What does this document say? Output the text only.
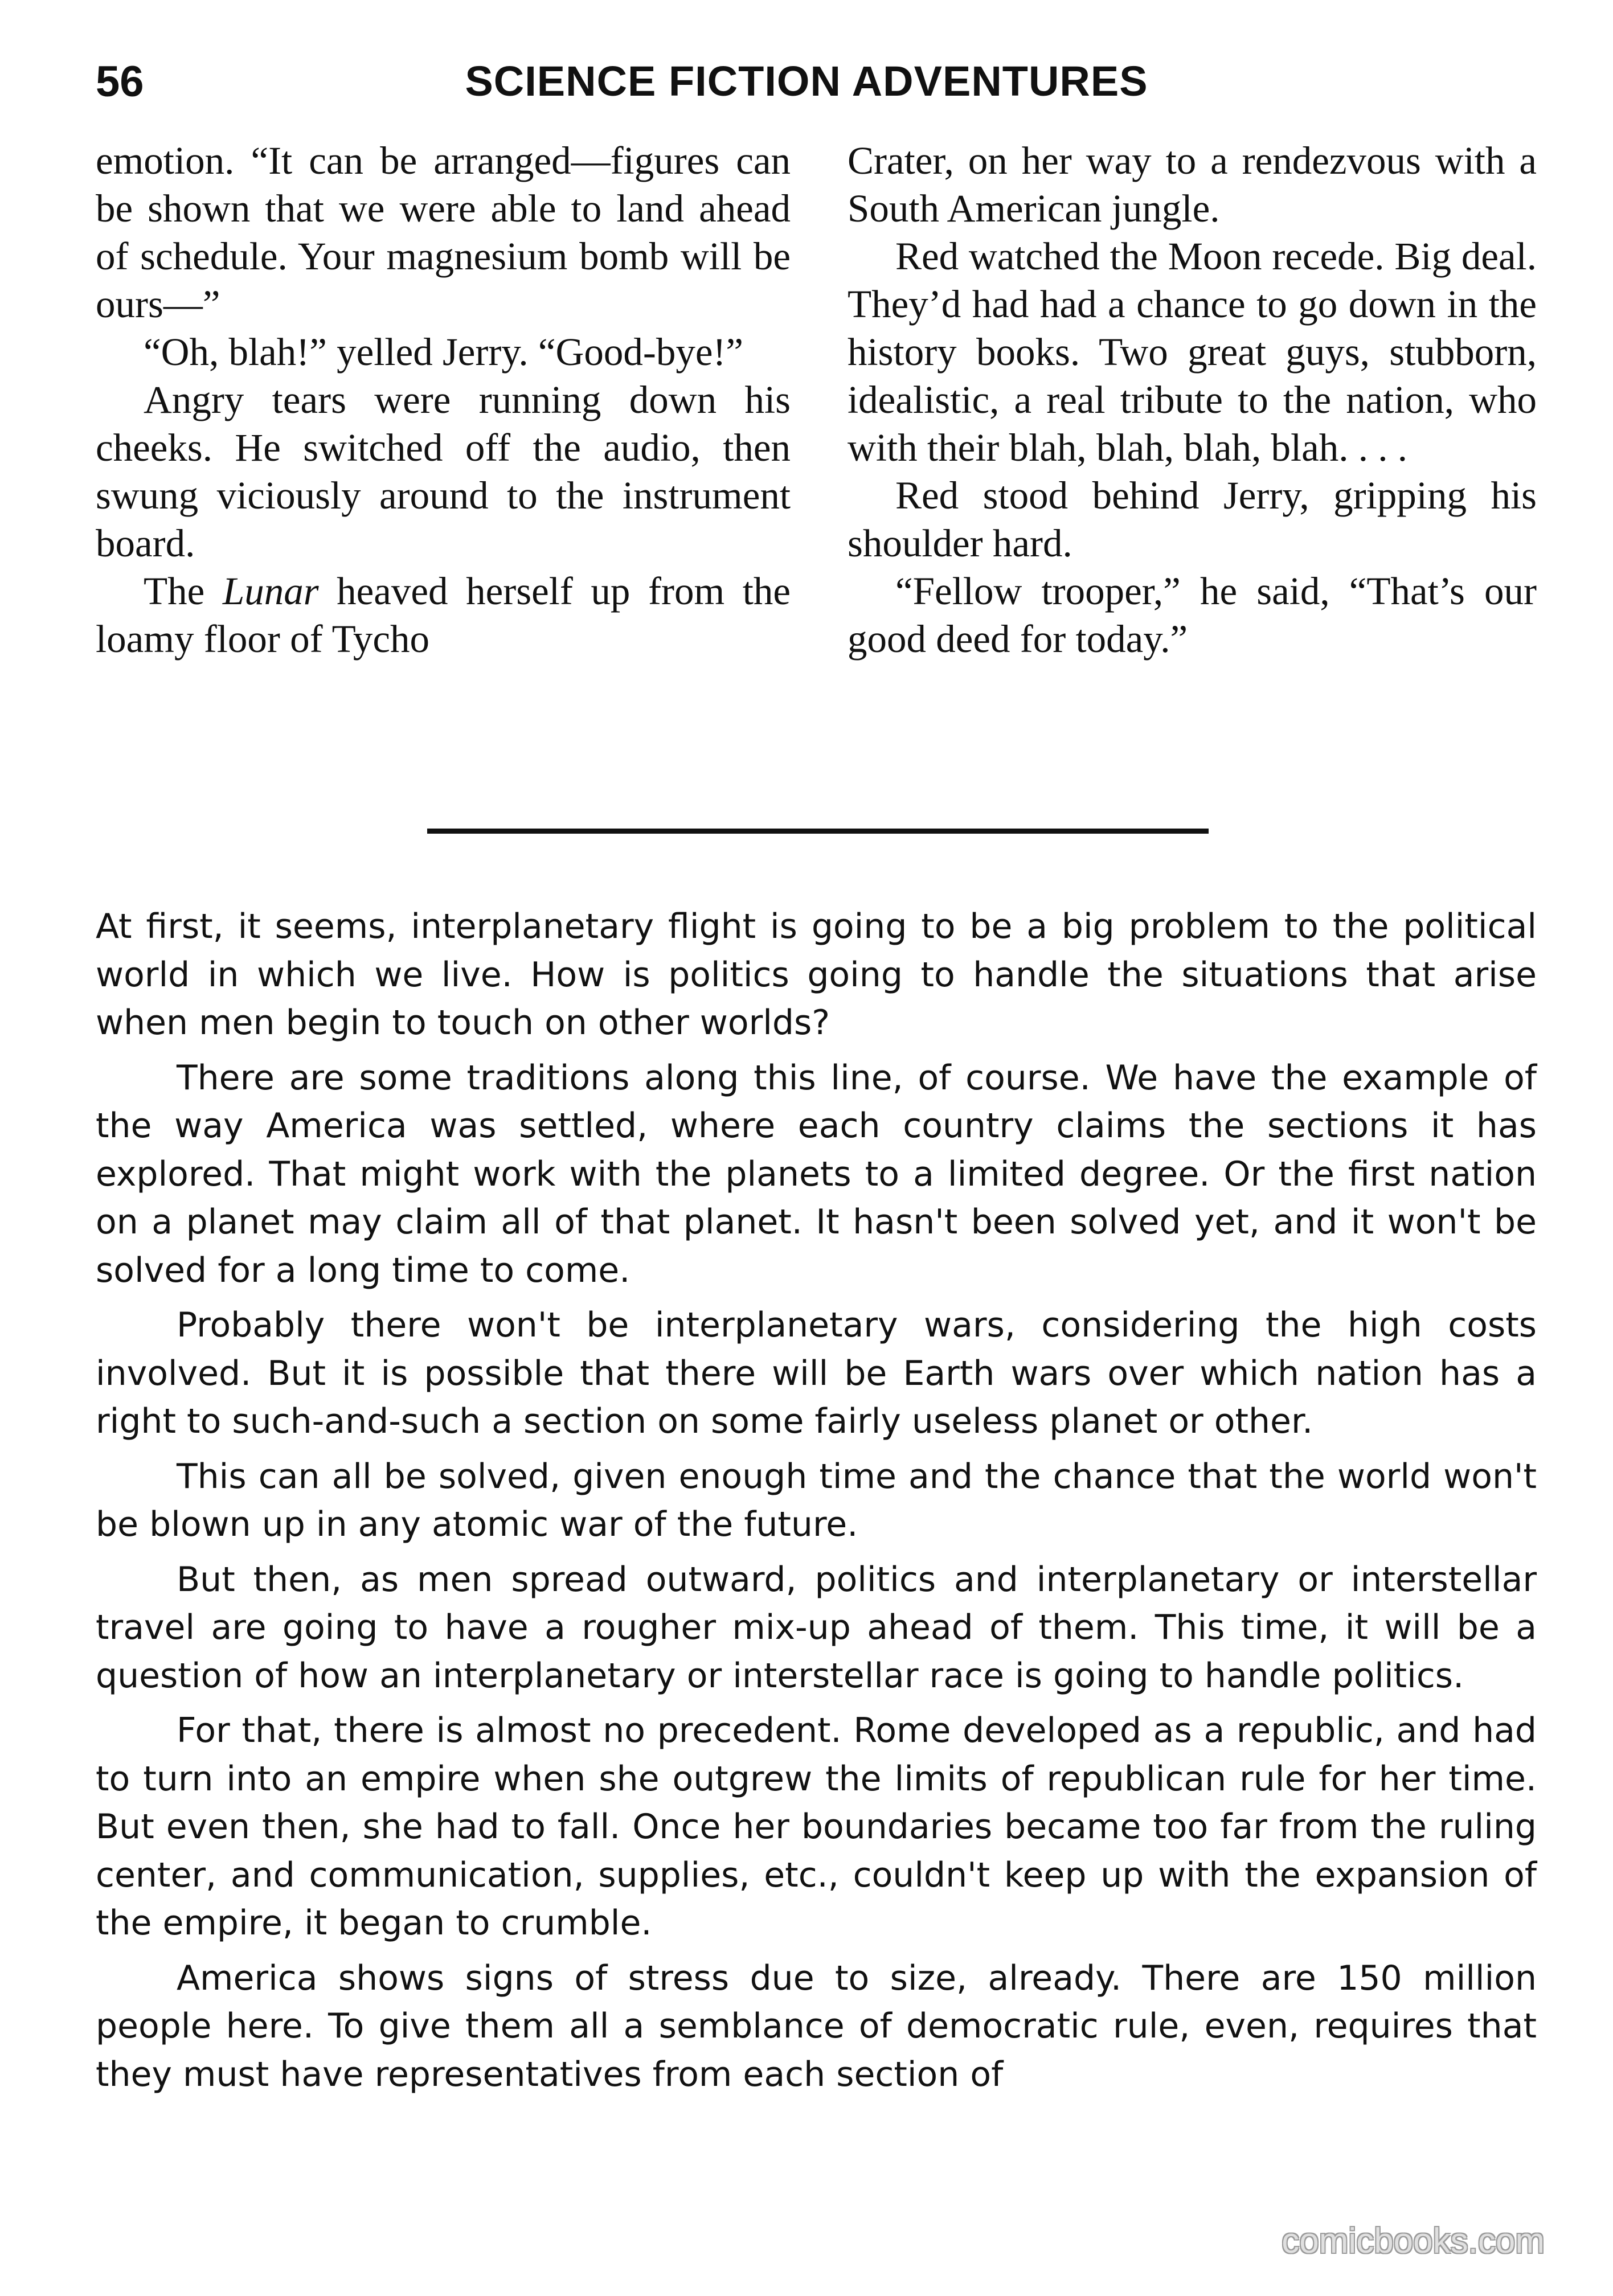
56	SCIENCE FICTION ADVENTURES

emotion. “It can be arranged—figures can be shown that we were able to land ahead of schedule. Your magnesium bomb will be ours—”

“Oh, blah!” yelled Jerry. “Good-bye!”

Angry tears were running down his cheeks. He switched off the audio, then swung viciously around to the instrument board.

The Lunar heaved herself up from the loamy floor of Tycho

Crater, on her way to a rendezvous with a South American jungle.

Red watched the Moon recede. Big deal. They’d had had a chance to go down in the history books. Two great guys, stubborn, idealistic, a real tribute to the nation, who with their blah, blah, blah, blah. . . .

Red stood behind Jerry, gripping his shoulder hard.

“Fellow trooper,” he said, “That’s our good deed for today.”

At first, it seems, interplanetary flight is going to be a big problem to the political world in which we live. How is politics going to handle the situations that arise when men begin to touch on other worlds?

There are some traditions along this line, of course. We have the example of the way America was settled, where each country claims the sections it has explored. That might work with the planets to a limited degree. Or the first nation on a planet may claim all of that planet. It hasn't been solved yet, and it won't be solved for a long time to come.

Probably there won't be interplanetary wars, considering the high costs involved. But it is possible that there will be Earth wars over which nation has a right to such-and-such a section on some fairly useless planet or other.

This can all be solved, given enough time and the chance that the world won't be blown up in any atomic war of the future.

But then, as men spread outward, politics and interplanetary or interstellar travel are going to have a rougher mix-up ahead of them. This time, it will be a question of how an interplanetary or interstellar race is going to handle politics.

For that, there is almost no precedent. Rome developed as a republic, and had to turn into an empire when she outgrew the limits of republican rule for her time. But even then, she had to fall. Once her boundaries became too far from the ruling center, and communication, supplies, etc., couldn't keep up with the expansion of the empire, it began to crumble.

America shows signs of stress due to size, already. There are 150 million people here. To give them all a semblance of democratic rule, even, requires that they must have representatives from each section of

comicbooks.com
